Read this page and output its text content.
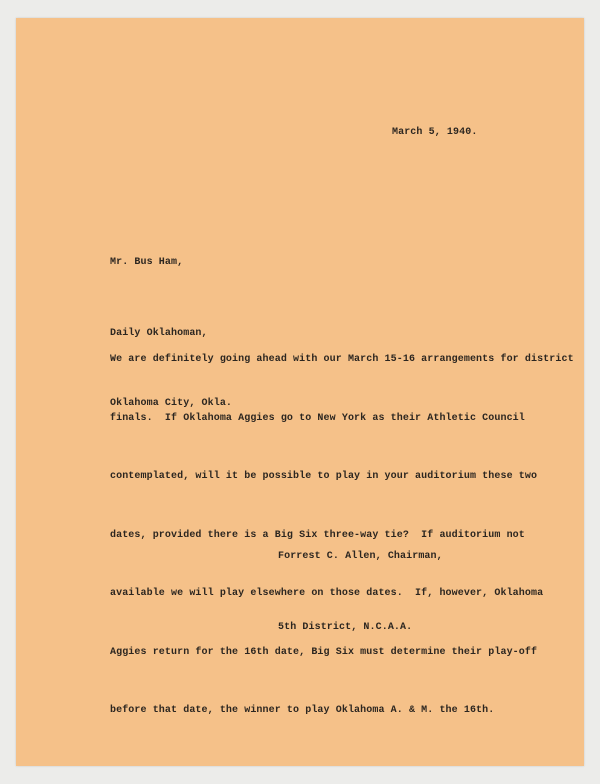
March 5, 1940.

Mr. Bus Ham,

Daily Oklahoman,

Oklahoma City, Okla.

We are definitely going ahead with our March 15-16 arrangements for district

finals.  If Oklahoma Aggies go to New York as their Athletic Council

contemplated, will it be possible to play in your auditorium these two

dates, provided there is a Big Six three-way tie?  If auditorium not

available we will play elsewhere on those dates.  If, however, Oklahoma

Aggies return for the 16th date, Big Six must determine their play-off

before that date, the winner to play Oklahoma A. & M. the 16th.

Forrest C. Allen, Chairman,

5th District, N.C.A.A.
